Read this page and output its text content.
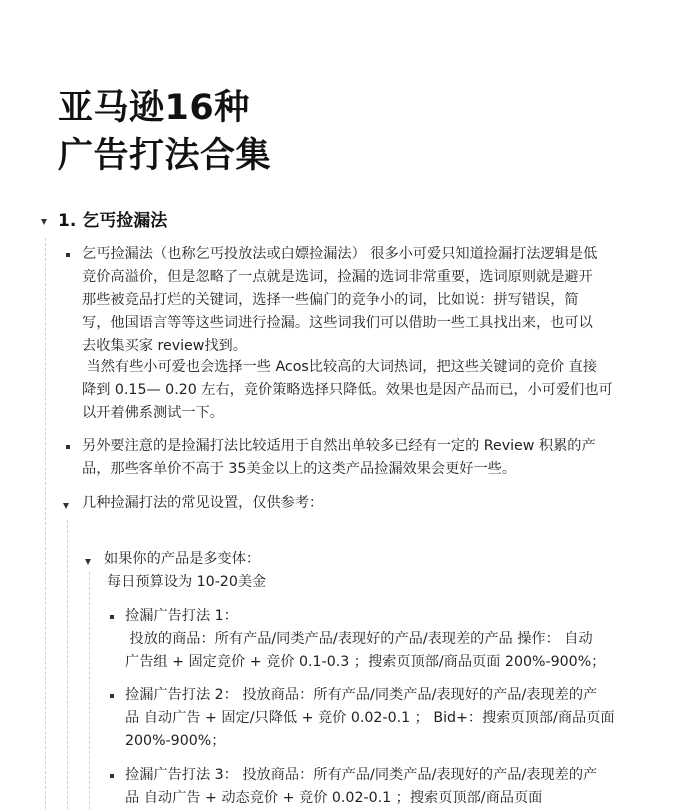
亚马逊16种
广告打法合集
1. 乞丐捡漏法
乞丐捡漏法（也称乞丐投放法或白嫖捡漏法） 很多小可爱只知道捡漏打法逻辑是低
竞价高溢价，但是忽略了一点就是选词，捡漏的选词非常重要，选词原则就是避开
那些被竞品打烂的关键词，选择一些偏门的竞争小的词，比如说：拼写错误，简
写，他国语言等等这些词进行捡漏。这些词我们可以借助一些工具找出来，也可以
去收集买家 review找到。
当然有些小可爱也会选择一些 Acos比较高的大词热词，把这些关键词的竞价 直接
降到 0.15— 0.20 左右，竞价策略选择只降低。效果也是因产品而已，小可爱们也可
以开着佛系测试一下。
另外要注意的是捡漏打法比较适用于自然出单较多已经有一定的 Review 积累的产
品，那些客单价不高于 35美金以上的这类产品捡漏效果会更好一些。
几种捡漏打法的常见设置，仅供参考：
如果你的产品是多变体：
每日预算设为 10-20美金
捡漏广告打法 1：
投放的商品：所有产品/同类产品/表现好的产品/表现差的产品 操作： 自动
广告组 + 固定竞价 + 竞价 0.1-0.3 ；搜索页顶部/商品页面 200%-900%；
捡漏广告打法 2： 投放商品：所有产品/同类产品/表现好的产品/表现差的产
品 自动广告 + 固定/只降低 + 竞价 0.02-0.1 ； Bid+：搜索页顶部/商品页面
200%-900%；
捡漏广告打法 3： 投放商品：所有产品/同类产品/表现好的产品/表现差的产
品 自动广告 + 动态竞价 + 竞价 0.02-0.1 ；搜索页顶部/商品页面
